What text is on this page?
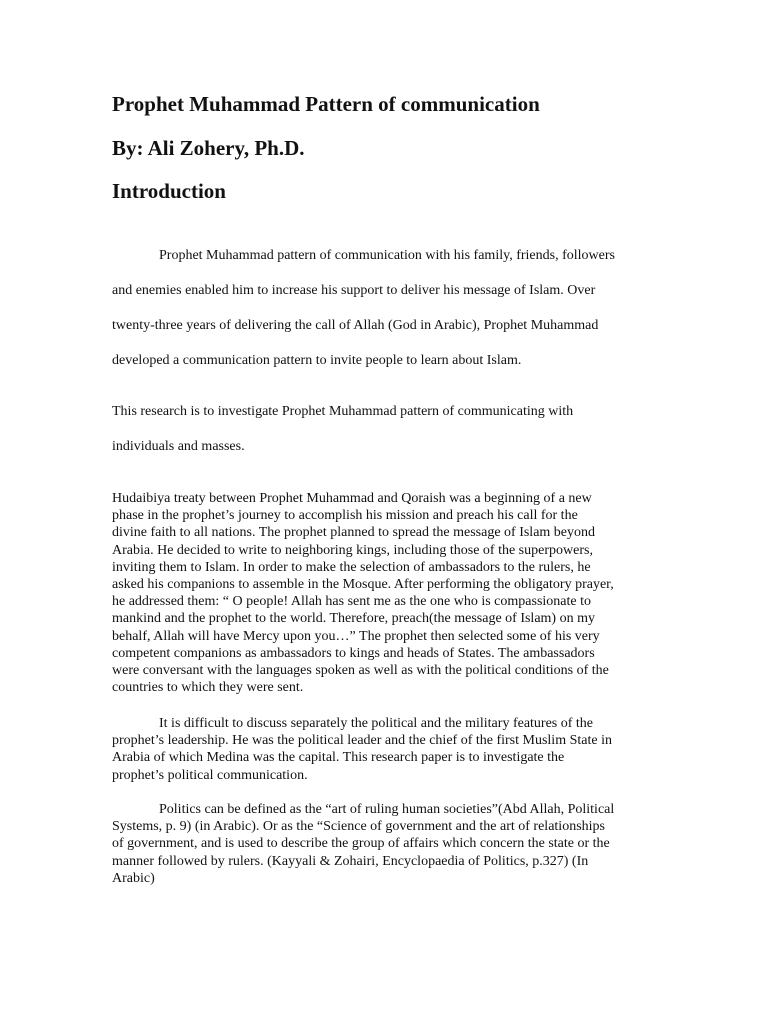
Prophet Muhammad Pattern of communication
By: Ali Zohery, Ph.D.
Introduction

Prophet Muhammad pattern of communication with his family, friends, followers
and enemies enabled him to increase his support to deliver his message of Islam. Over
twenty-three years of delivering the call of Allah (God in Arabic), Prophet Muhammad
developed a communication pattern to invite people to learn about Islam.

This research is to investigate Prophet Muhammad pattern of communicating with
individuals and masses.

Hudaibiya treaty between Prophet Muhammad and Qoraish was a beginning of a new
phase in the prophet’s journey to accomplish his mission and preach his call for the
divine faith to all nations. The prophet planned to spread the message of Islam beyond
Arabia. He decided to write to neighboring kings, including those of the superpowers,
inviting them to Islam. In order to make the selection of ambassadors to the rulers, he
asked his companions to assemble in the Mosque. After performing the obligatory prayer,
he addressed them: “ O people! Allah has sent me as the one who is compassionate to
mankind and the prophet to the world. Therefore, preach(the message of Islam) on my
behalf, Allah will have Mercy upon you…” The prophet then selected some of his very
competent companions as ambassadors to kings and heads of States. The ambassadors
were conversant with the languages spoken as well as with the political conditions of the
countries to which they were sent.

It is difficult to discuss separately the political and the military features of the
prophet’s leadership. He was the political leader and the chief of the first Muslim State in
Arabia of which Medina was the capital. This research paper is to investigate the
prophet’s political communication.

Politics can be defined as the “art of ruling human societies”(Abd Allah, Political
Systems, p. 9) (in Arabic). Or as the “Science of government and the art of relationships
of government, and is used to describe the group of affairs which concern the state or the
manner followed by rulers. (Kayyali & Zohairi, Encyclopaedia of Politics, p.327) (In
Arabic)
